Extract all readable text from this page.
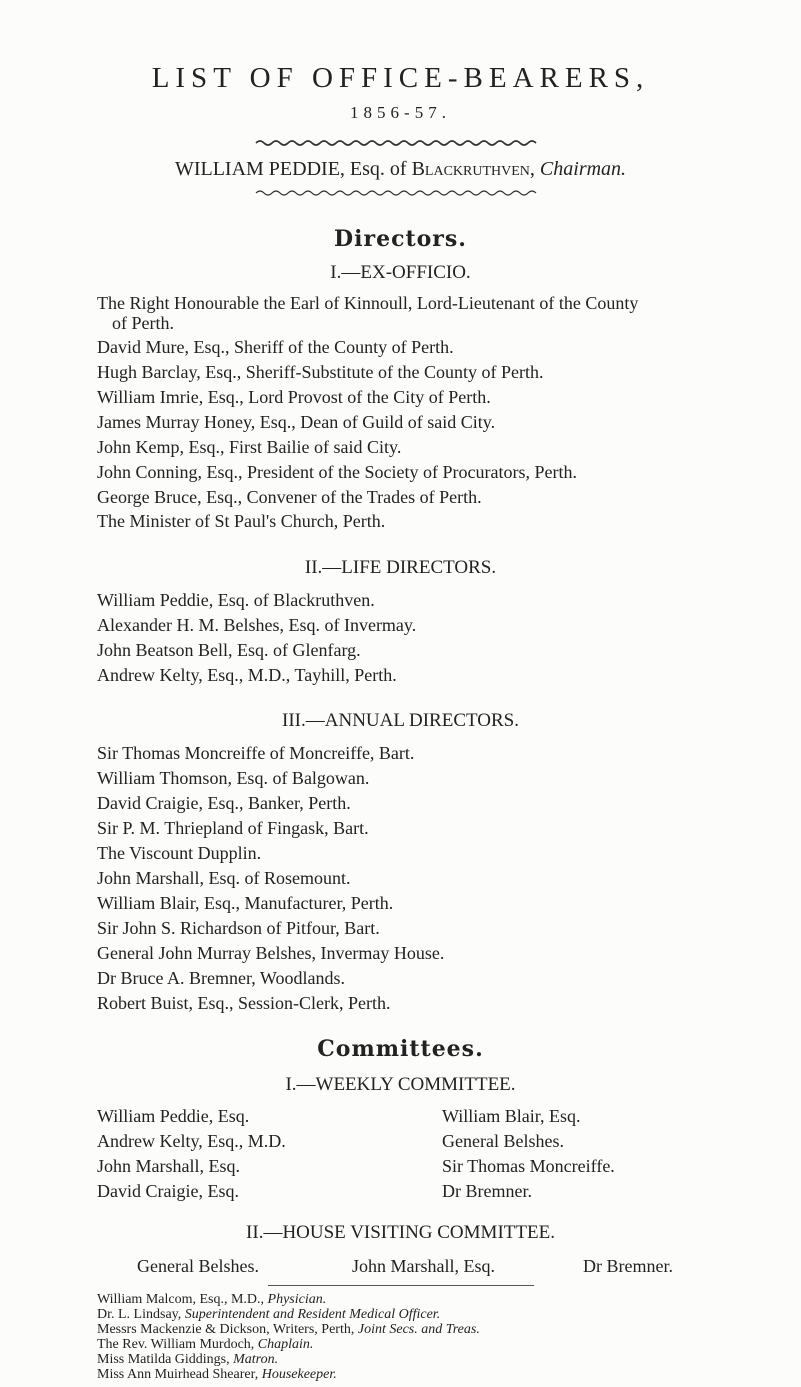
LIST OF OFFICE-BEARERS,
1856-57.
WILLIAM PEDDIE, Esq. of Blackruthven, Chairman.
Directors.
I.—EX-OFFICIO.
The Right Honourable the Earl of Kinnoull, Lord-Lieutenant of the County
of Perth.
David Mure, Esq., Sheriff of the County of Perth.
Hugh Barclay, Esq., Sheriff-Substitute of the County of Perth.
William Imrie, Esq., Lord Provost of the City of Perth.
James Murray Honey, Esq., Dean of Guild of said City.
John Kemp, Esq., First Bailie of said City.
John Conning, Esq., President of the Society of Procurators, Perth.
George Bruce, Esq., Convener of the Trades of Perth.
The Minister of St Paul's Church, Perth.
II.—LIFE DIRECTORS.
William Peddie, Esq. of Blackruthven.
Alexander H. M. Belshes, Esq. of Invermay.
John Beatson Bell, Esq. of Glenfarg.
Andrew Kelty, Esq., M.D., Tayhill, Perth.
III.—ANNUAL DIRECTORS.
Sir Thomas Moncreiffe of Moncreiffe, Bart.
William Thomson, Esq. of Balgowan.
David Craigie, Esq., Banker, Perth.
Sir P. M. Thriepland of Fingask, Bart.
The Viscount Dupplin.
John Marshall, Esq. of Rosemount.
William Blair, Esq., Manufacturer, Perth.
Sir John S. Richardson of Pitfour, Bart.
General John Murray Belshes, Invermay House.
Dr Bruce A. Bremner, Woodlands.
Robert Buist, Esq., Session-Clerk, Perth.
Committees.
I.—WEEKLY COMMITTEE.
William Peddie, Esq.
Andrew Kelty, Esq., M.D.
John Marshall, Esq.
David Craigie, Esq.
William Blair, Esq.
General Belshes.
Sir Thomas Moncreiffe.
Dr Bremner.
II.—HOUSE VISITING COMMITTEE.
General Belshes.	John Marshall, Esq.	Dr Bremner.
William Malcom, Esq., M.D., Physician.
Dr. L. Lindsay, Superintendent and Resident Medical Officer.
Messrs Mackenzie & Dickson, Writers, Perth, Joint Secs. and Treas.
The Rev. William Murdoch, Chaplain.
Miss Matilda Giddings, Matron.
Miss Ann Muirhead Shearer, Housekeeper.
